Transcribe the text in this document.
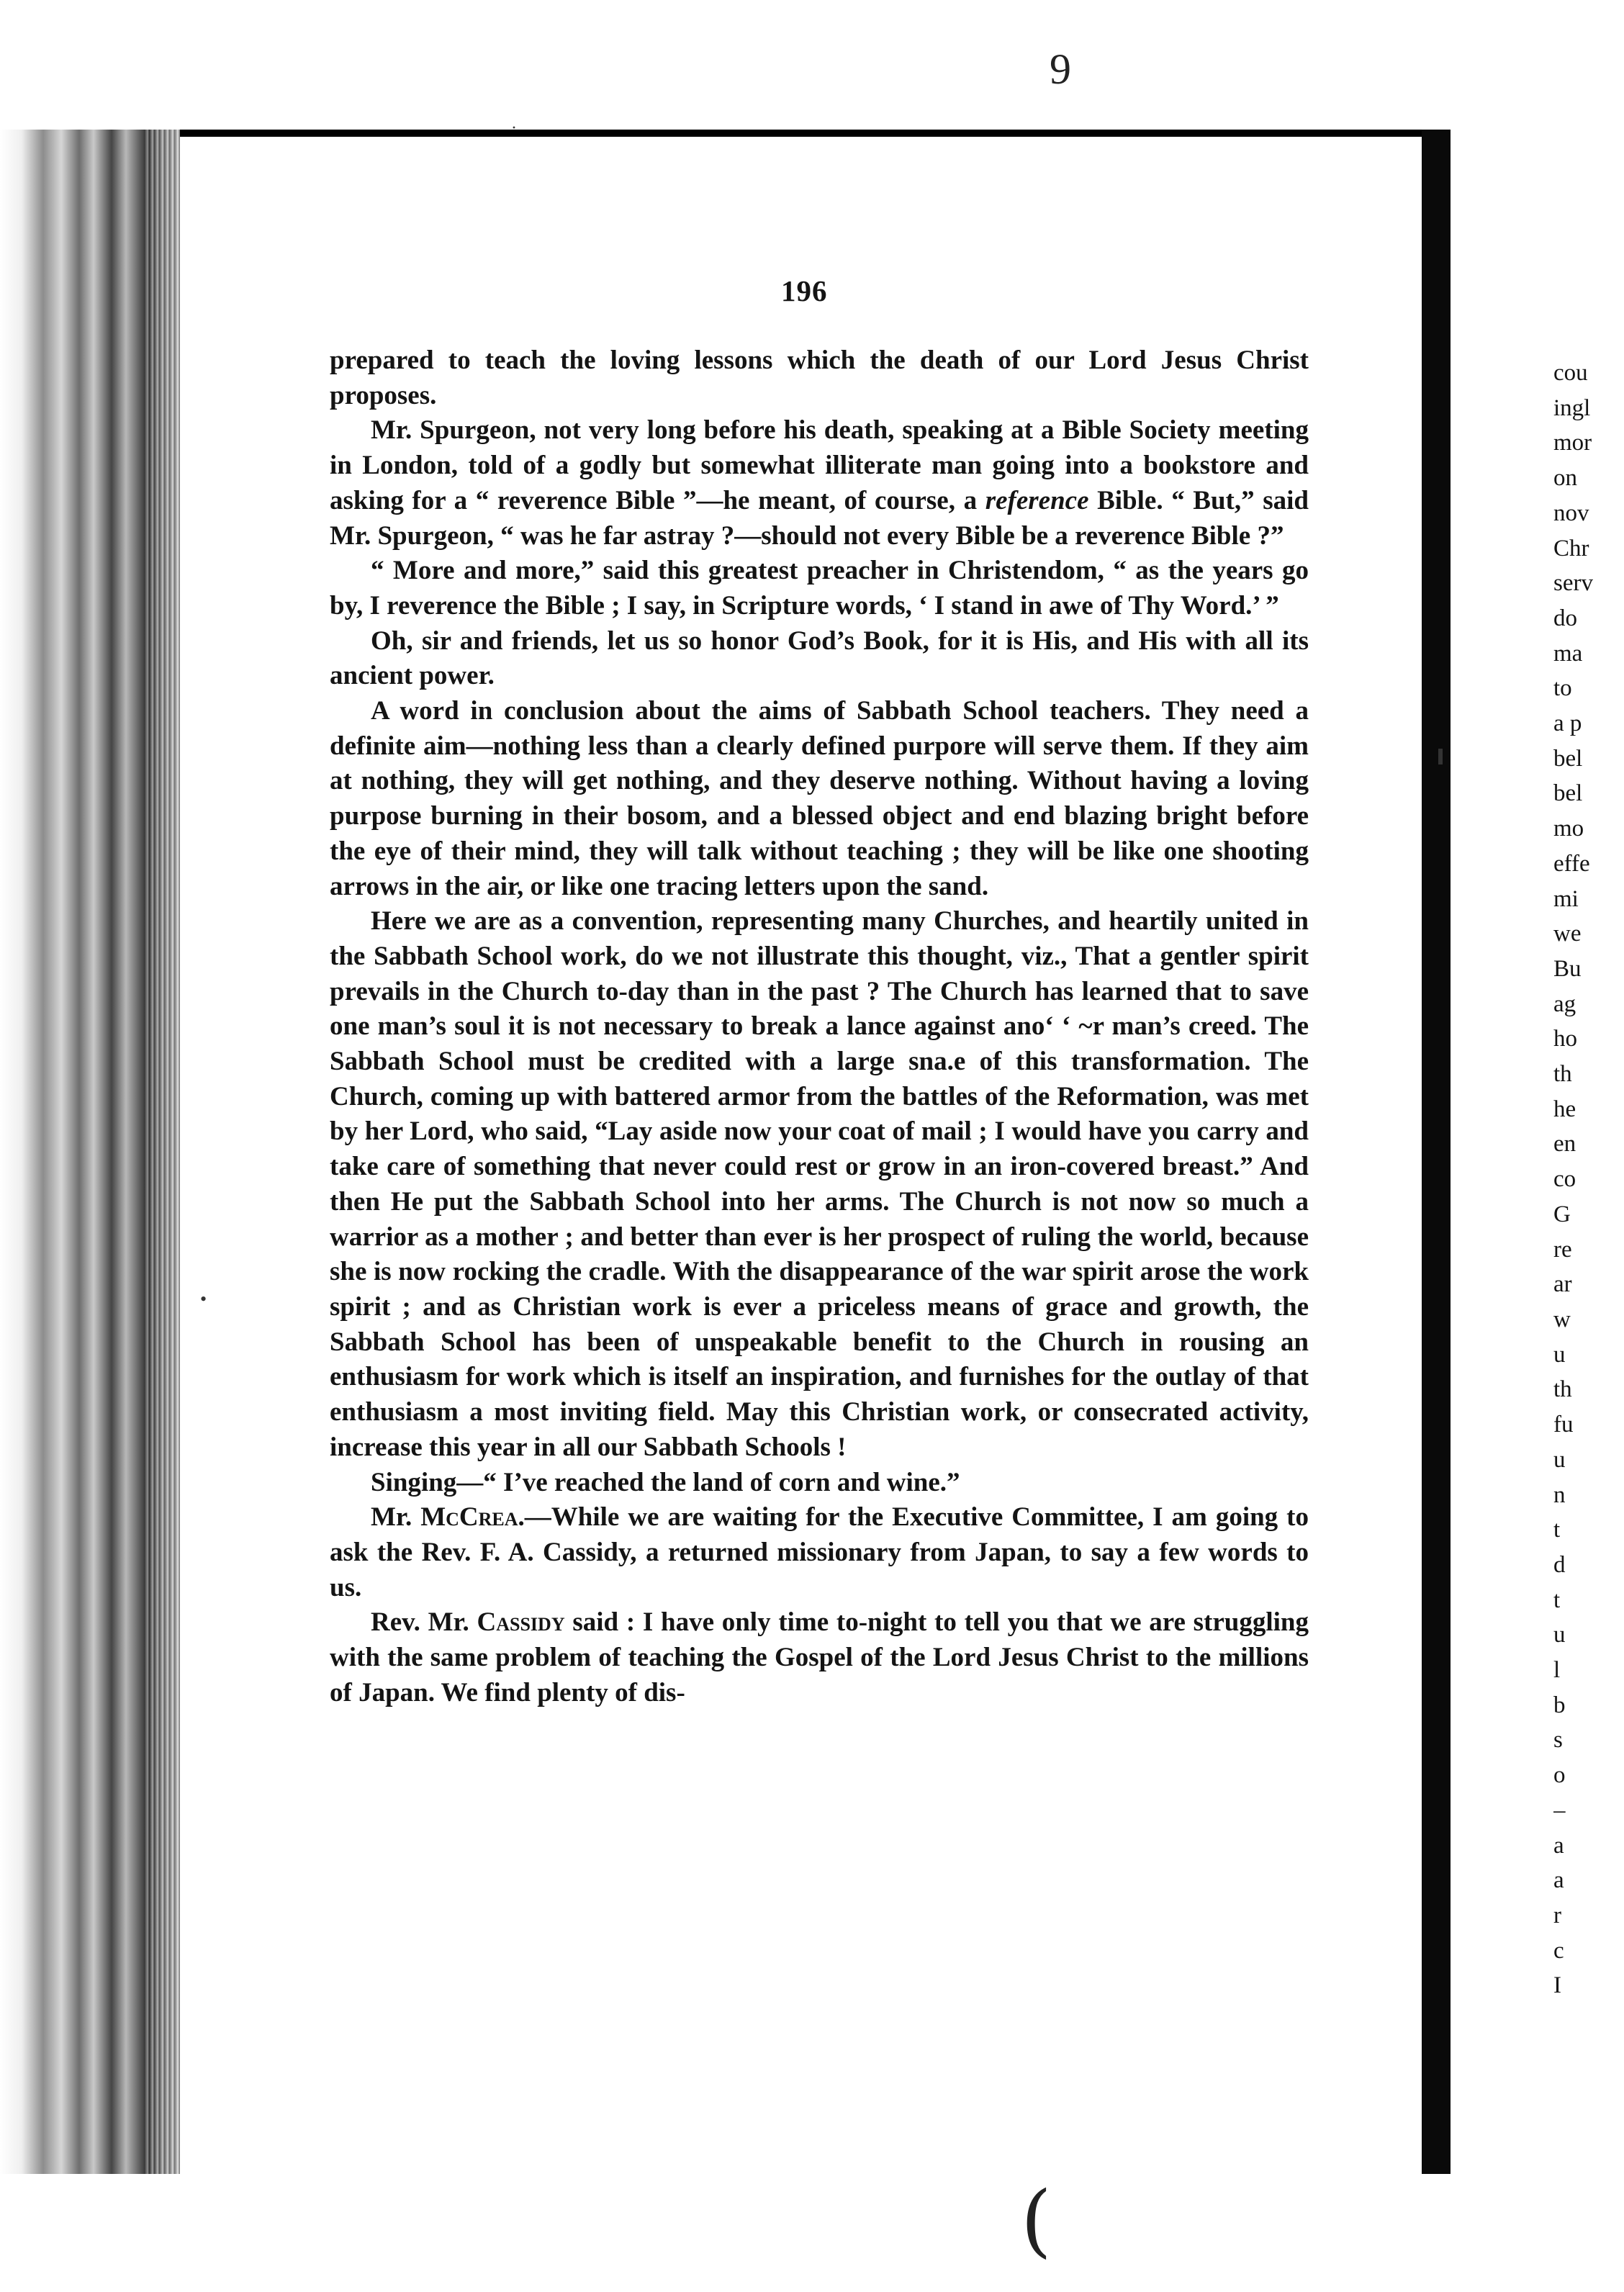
cou
ingl
mor
on
nov
Chr
serv
do
ma
to
a p
bel
bel
mo
effe
mi
we
Bu
ag
ho
th
he
en
co
G
re
ar
w
u
th
fu
u
n
t
d
t
u
l
b
s
o
–
a
a
r
c
I
9
·
•
(
196

prepared to teach the loving lessons which the death of our Lord Jesus Christ proposes.

Mr. Spurgeon, not very long before his death, speaking at a Bible Society meeting in London, told of a godly but somewhat illiterate man going into a bookstore and asking for a “ reverence Bible ”—he meant, of course, a reference Bible. “ But,” said Mr. Spurgeon, “ was he far astray ?—should not every Bible be a reverence Bible ?”

“ More and more,” said this greatest preacher in Christendom, “ as the years go by, I reverence the Bible ; I say, in Scripture words, ‘ I stand in awe of Thy Word.’ ”

Oh, sir and friends, let us so honor God’s Book, for it is His, and His with all its ancient power.

A word in conclusion about the aims of Sabbath School teachers. They need a definite aim—nothing less than a clearly defined purpore will serve them. If they aim at nothing, they will get nothing, and they deserve nothing. Without having a loving purpose burning in their bosom, and a blessed object and end blazing bright before the eye of their mind, they will talk without teaching ; they will be like one shooting arrows in the air, or like one tracing letters upon the sand.

Here we are as a convention, representing many Churches, and heartily united in the Sabbath School work, do we not illustrate this thought, viz., That a gentler spirit prevails in the Church to-day than in the past ? The Church has learned that to save one man’s soul it is not necessary to break a lance against ano‘ ‘ ~r man’s creed. The Sabbath School must be credited with a large sna.e of this transformation. The Church, coming up with battered armor from the battles of the Reformation, was met by her Lord, who said, “Lay aside now your coat of mail ; I would have you carry and take care of something that never could rest or grow in an iron-covered breast.” And then He put the Sabbath School into her arms. The Church is not now so much a warrior as a mother ; and better than ever is her prospect of ruling the world, because she is now rocking the cradle. With the disappearance of the war spirit arose the work spirit ; and as Christian work is ever a priceless means of grace and growth, the Sabbath School has been of unspeakable benefit to the Church in rousing an enthusiasm for work which is itself an inspiration, and furnishes for the outlay of that enthusiasm a most inviting field. May this Christian work, or consecrated activity, increase this year in all our Sabbath Schools !

Singing—“ I’ve reached the land of corn and wine.”

Mr. McCrea.—While we are waiting for the Executive Committee, I am going to ask the Rev. F. A. Cassidy, a returned missionary from Japan, to say a few words to us.

Rev. Mr. Cassidy said : I have only time to-night to tell you that we are struggling with the same problem of teaching the Gospel of the Lord Jesus Christ to the millions of Japan. We find plenty of dis-
